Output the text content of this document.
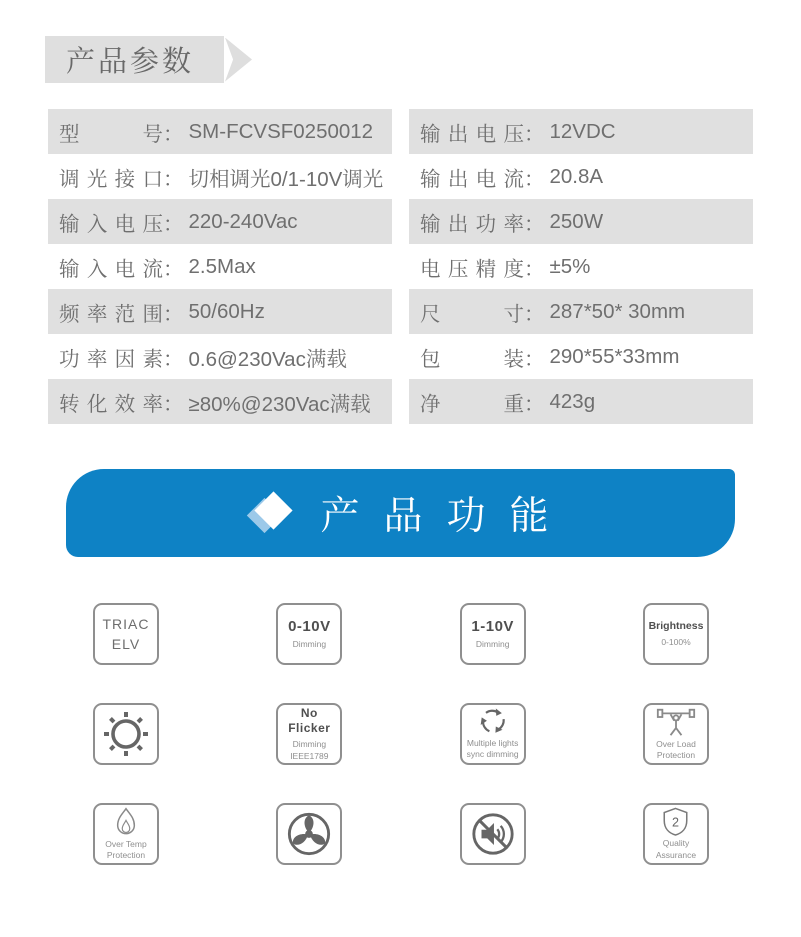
产品参数
型号 ： SM-FCVSF0250012
调光接口 ： 切相调光0/1-10V调光
输入电压 ： 220-240Vac
输入电流 ： 2.5Max
频率范围 ： 50/60Hz
功率因素 ： 0.6@230Vac满载
转化效率 ： ≥80%@230Vac满载
输出电压 ： 12VDC
输出电流 ： 20.8A
输出功率 ： 250W
电压精度 ： ±5%
尺寸 ： 287*50* 30mm
包装 ： 290*55*33mm
净重 ： 423g
产品功能
TRIAC
ELV
0-10V
Dimming
1-10V
Dimming
Brightness
0-100%
No Flicker
Dimming
IEEE1789
Multiple lights
sync dimming
Over Load
Protection
Over Temp
Protection
2
Quality
Assurance
